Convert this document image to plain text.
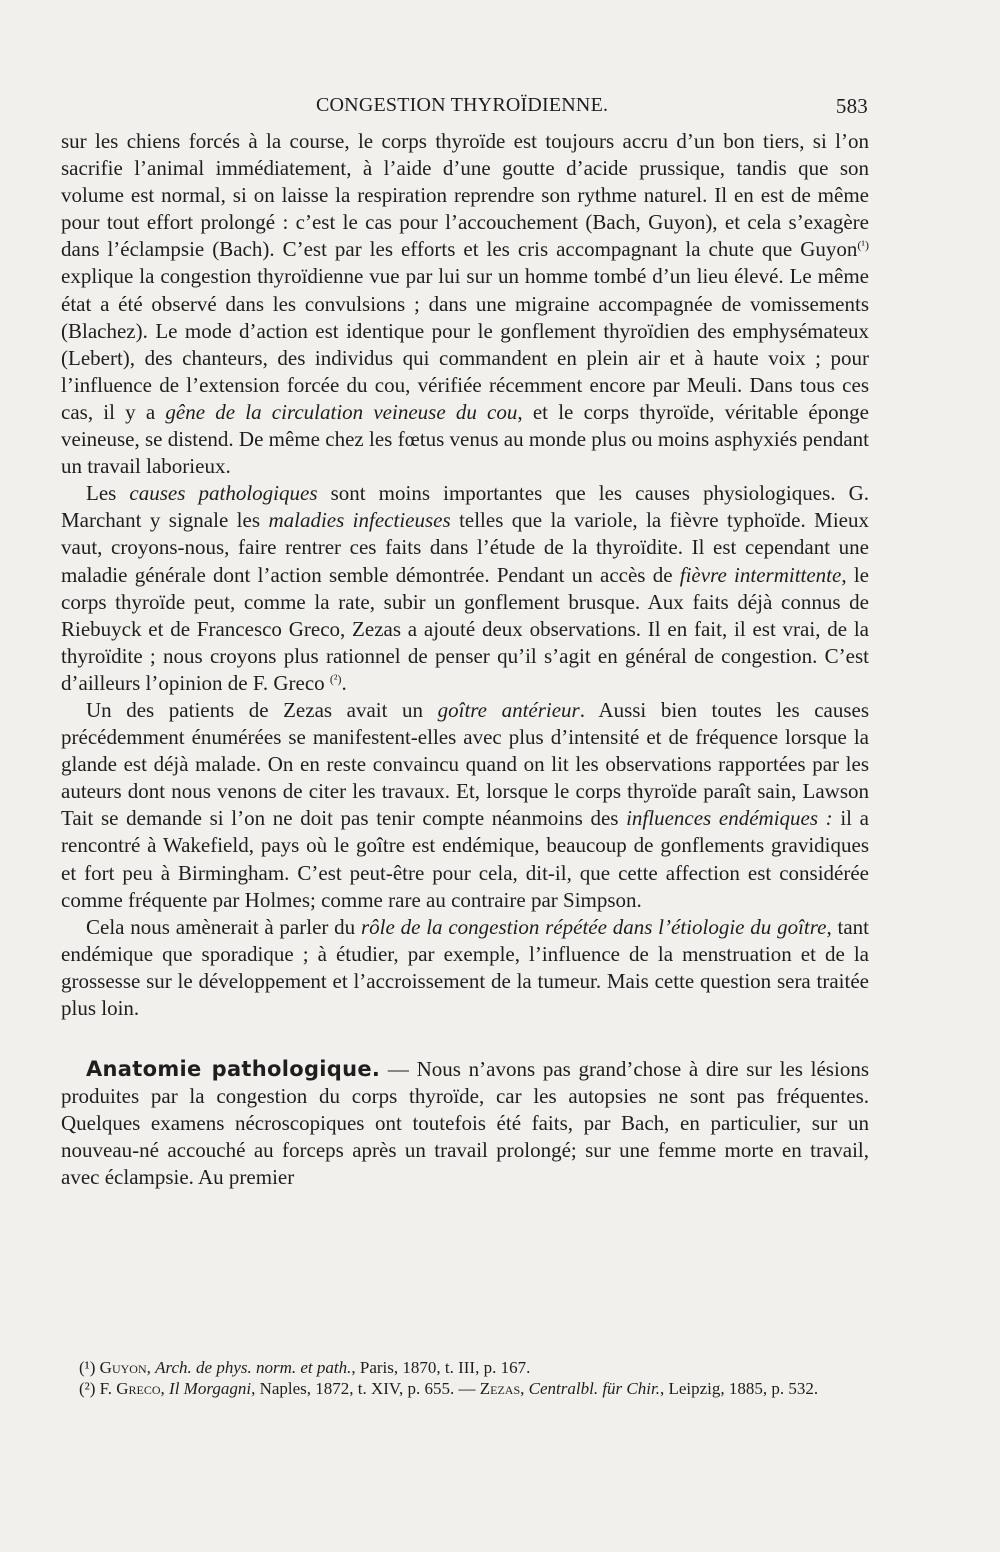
CONGESTION THYROÏDIENNE.	583

sur les chiens forcés à la course, le corps thyroïde est toujours accru d’un bon tiers, si l’on sacrifie l’animal immédiatement, à l’aide d’une goutte d’acide prussique, tandis que son volume est normal, si on laisse la respiration reprendre son rythme naturel. Il en est de même pour tout effort prolongé : c’est le cas pour l’accouchement (Bach, Guyon), et cela s’exagère dans l’éclampsie (Bach). C’est par les efforts et les cris accompagnant la chute que Guyon$^{(^1)}$ explique la congestion thyroïdienne vue par lui sur un homme tombé d’un lieu élevé. Le même état a été observé dans les convulsions ; dans une migraine accompagnée de vomissements (Blachez). Le mode d’action est identique pour le gonflement thyroïdien des emphysémateux (Lebert), des chanteurs, des individus qui commandent en plein air et à haute voix ; pour l’influence de l’extension forcée du cou, vérifiée récemment encore par Meuli. Dans tous ces cas, il y a gêne de la circulation veineuse du cou, et le corps thyroïde, véritable éponge veineuse, se distend. De même chez les fœtus venus au monde plus ou moins asphyxiés pendant un travail laborieux.

Les causes pathologiques sont moins importantes que les causes physiologiques. G. Marchant y signale les maladies infectieuses telles que la variole, la fièvre typhoïde. Mieux vaut, croyons-nous, faire rentrer ces faits dans l’étude de la thyroïdite. Il est cependant une maladie générale dont l’action semble démontrée. Pendant un accès de fièvre intermittente, le corps thyroïde peut, comme la rate, subir un gonflement brusque. Aux faits déjà connus de Riebuyck et de Francesco Greco, Zezas a ajouté deux observations. Il en fait, il est vrai, de la thyroïdite ; nous croyons plus rationnel de penser qu’il s’agit en général de congestion. C’est d’ailleurs l’opinion de F. Greco $^{(^2)}$.

Un des patients de Zezas avait un goître antérieur. Aussi bien toutes les causes précédemment énumérées se manifestent-elles avec plus d’intensité et de fréquence lorsque la glande est déjà malade. On en reste convaincu quand on lit les observations rapportées par les auteurs dont nous venons de citer les travaux. Et, lorsque le corps thyroïde paraît sain, Lawson Tait se demande si l’on ne doit pas tenir compte néanmoins des influences endémiques : il a rencontré à Wakefield, pays où le goître est endémique, beaucoup de gonflements gravidiques et fort peu à Birmingham. C’est peut-être pour cela, dit-il, que cette affection est considérée comme fréquente par Holmes; comme rare au contraire par Simpson.

Cela nous amènerait à parler du rôle de la congestion répétée dans l’étiologie du goître, tant endémique que sporadique ; à étudier, par exemple, l’influence de la menstruation et de la grossesse sur le développement et l’accroissement de la tumeur. Mais cette question sera traitée plus loin.

Anatomie pathologique. — Nous n’avons pas grand’chose à dire sur les lésions produites par la congestion du corps thyroïde, car les autopsies ne sont pas fréquentes. Quelques examens nécroscopiques ont toutefois été faits, par Bach, en particulier, sur un nouveau-né accouché au forceps après un travail prolongé; sur une femme morte en travail, avec éclampsie. Au premier

(¹) Guyon, Arch. de phys. norm. et path., Paris, 1870, t. III, p. 167.

(²) F. Greco, Il Morgagni, Naples, 1872, t. XIV, p. 655. — Zezas, Centralbl. für Chir., Leipzig, 1885, p. 532.
